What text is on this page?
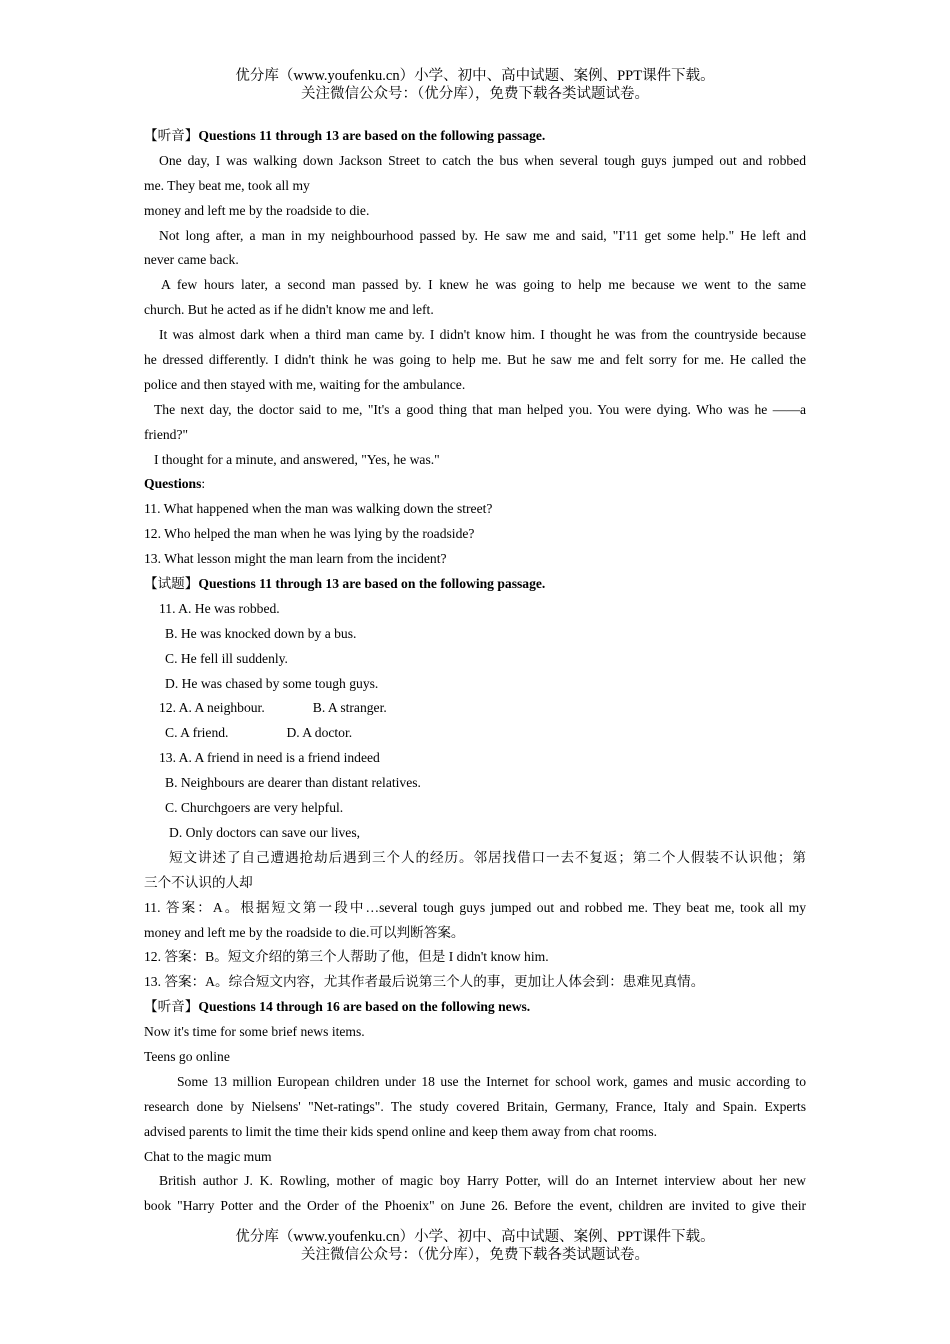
优分库（www.youfenku.cn）小学、初中、高中试题、案例、PPT课件下载。
关注微信公众号：（优分库），免费下载各类试题试卷。
【听音】Questions 11 through 13 are based on the following passage.
One day, I was walking down Jackson Street to catch the bus when several tough guys jumped out and robbed
me. They beat me, took all my
money and left me by the roadside to die.
Not long after, a man in my neighbourhood passed by. He saw me and said, "I'11 get some help." He left and
never came back.
A few hours later, a second man passed by. I knew he was going to help me because we went to the same
church. But he acted as if he didn't know me and left.
It was almost dark when a third man came by. I didn't know him. I thought he was from the countryside because
he dressed differently. I didn't think he was going to help me. But he saw me and felt sorry for me. He called the
police and then stayed with me, waiting for the ambulance.
The next day, the doctor said to me, "It's a good thing that man helped you. You were dying. Who was he ——a
friend?"
I thought for a minute, and answered, "Yes, he was."
Questions:
11. What happened when the man was walking down the street?
12. Who helped the man when he was lying by the roadside?
13. What lesson might the man learn from the incident?
【试题】Questions 11 through 13 are based on the following passage.
11. A. He was robbed.
B. He was knocked down by a bus.
C. He fell ill suddenly.
D. He was chased by some tough guys.
12. A. A neighbour.	B. A stranger.
C. A friend.	D. A doctor.
13. A. A friend in need is a friend indeed
B. Neighbours are dearer than distant relatives.
C. Churchgoers are very helpful.
D. Only doctors can save our lives,
短文讲述了自己遭遇抢劫后遇到三个人的经历。邻居找借口一去不复返；第二个人假装不认识他；第
三个不认识的人却
11. 答案：A。根据短文第一段中…several tough guys jumped out and robbed me. They beat me, took all my
money and left me by the roadside to die.可以判断答案。
12. 答案：B。短文介绍的第三个人帮助了他，但是 I didn't know him.
13. 答案：A。综合短文内容，尤其作者最后说第三个人的事，更加让人体会到：患难见真情。
【听音】Questions 14 through 16 are based on the following news.
Now it's time for some brief news items.
Teens go online
Some 13 million European children under 18 use the Internet for school work, games and music according to
research done by Nielsens' "Net-ratings". The study covered Britain, Germany, France, Italy and Spain. Experts
advised parents to limit the time their kids spend online and keep them away from chat rooms.
Chat to the magic mum
British author J. K. Rowling, mother of magic boy Harry Potter, will do an Internet interview about her new
book "Harry Potter and the Order of the Phoenix" on June 26. Before the event, children are invited to give their
优分库（www.youfenku.cn）小学、初中、高中试题、案例、PPT课件下载。
关注微信公众号：（优分库），免费下载各类试题试卷。
